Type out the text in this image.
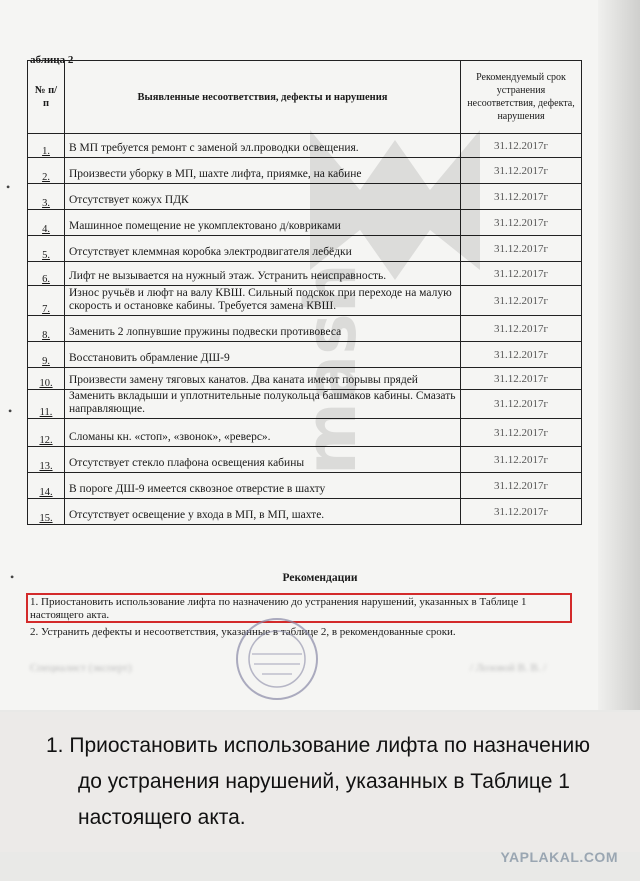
•
•
•
аблица 2
№ п/п	Выявленные несоответствия, дефекты и нарушения	Рекомендуемый срок устранения несоответствия, дефекта, нарушения
1.	В МП требуется ремонт с заменой эл.проводки освещения.	31.12.2017г
2.	Произвести уборку в МП, шахте лифта, приямке, на кабине	31.12.2017г
3.	Отсутствует кожух ПДК	31.12.2017г
4.	Машинное помещение не укомплектовано д/ковриками	31.12.2017г
5.	Отсутствует клеммная коробка электродвигателя лебёдки	31.12.2017г
6.	Лифт не вызывается на нужный этаж. Устранить неисправность.	31.12.2017г
7.	Износ ручьёв и люфт на валу КВШ. Сильный подскок при переходе на малую скорость и остановке кабины. Требуется замена КВШ.	31.12.2017г
8.	Заменить 2 лопнувшие пружины подвески противовеса	31.12.2017г
9.	Восстановить обрамление ДШ-9	31.12.2017г
10.	Произвести замену тяговых канатов. Два каната имеют порывы прядей	31.12.2017г
11.	Заменить вкладыши и уплотнительные полукольца башмаков кабины. Смазать направляющие.	31.12.2017г
12.	Сломаны кн. «стоп», «звонок», «реверс».	31.12.2017г
13.	Отсутствует стекло плафона освещения кабины	31.12.2017г
14.	В пороге ДШ-9 имеется сквозное отверстие в шахту	31.12.2017г
15.	Отсутствует освещение у входа в МП, в МП, шахте.	31.12.2017г
Рекомендации
1. Приостановить использование лифта по назначению до устранения нарушений, указанных в Таблице 1 настоящего акта.
2. Устранить дефекты и несоответствия, указанные в таблице 2, в рекомендованные сроки.
Специалист (эксперт)	/ Лозовой В. В. /
1. Приостановить использование лифта по назначению
до устранения нарушений, указанных в Таблице 1
настоящего акта.
YAPLAKAL.COM
